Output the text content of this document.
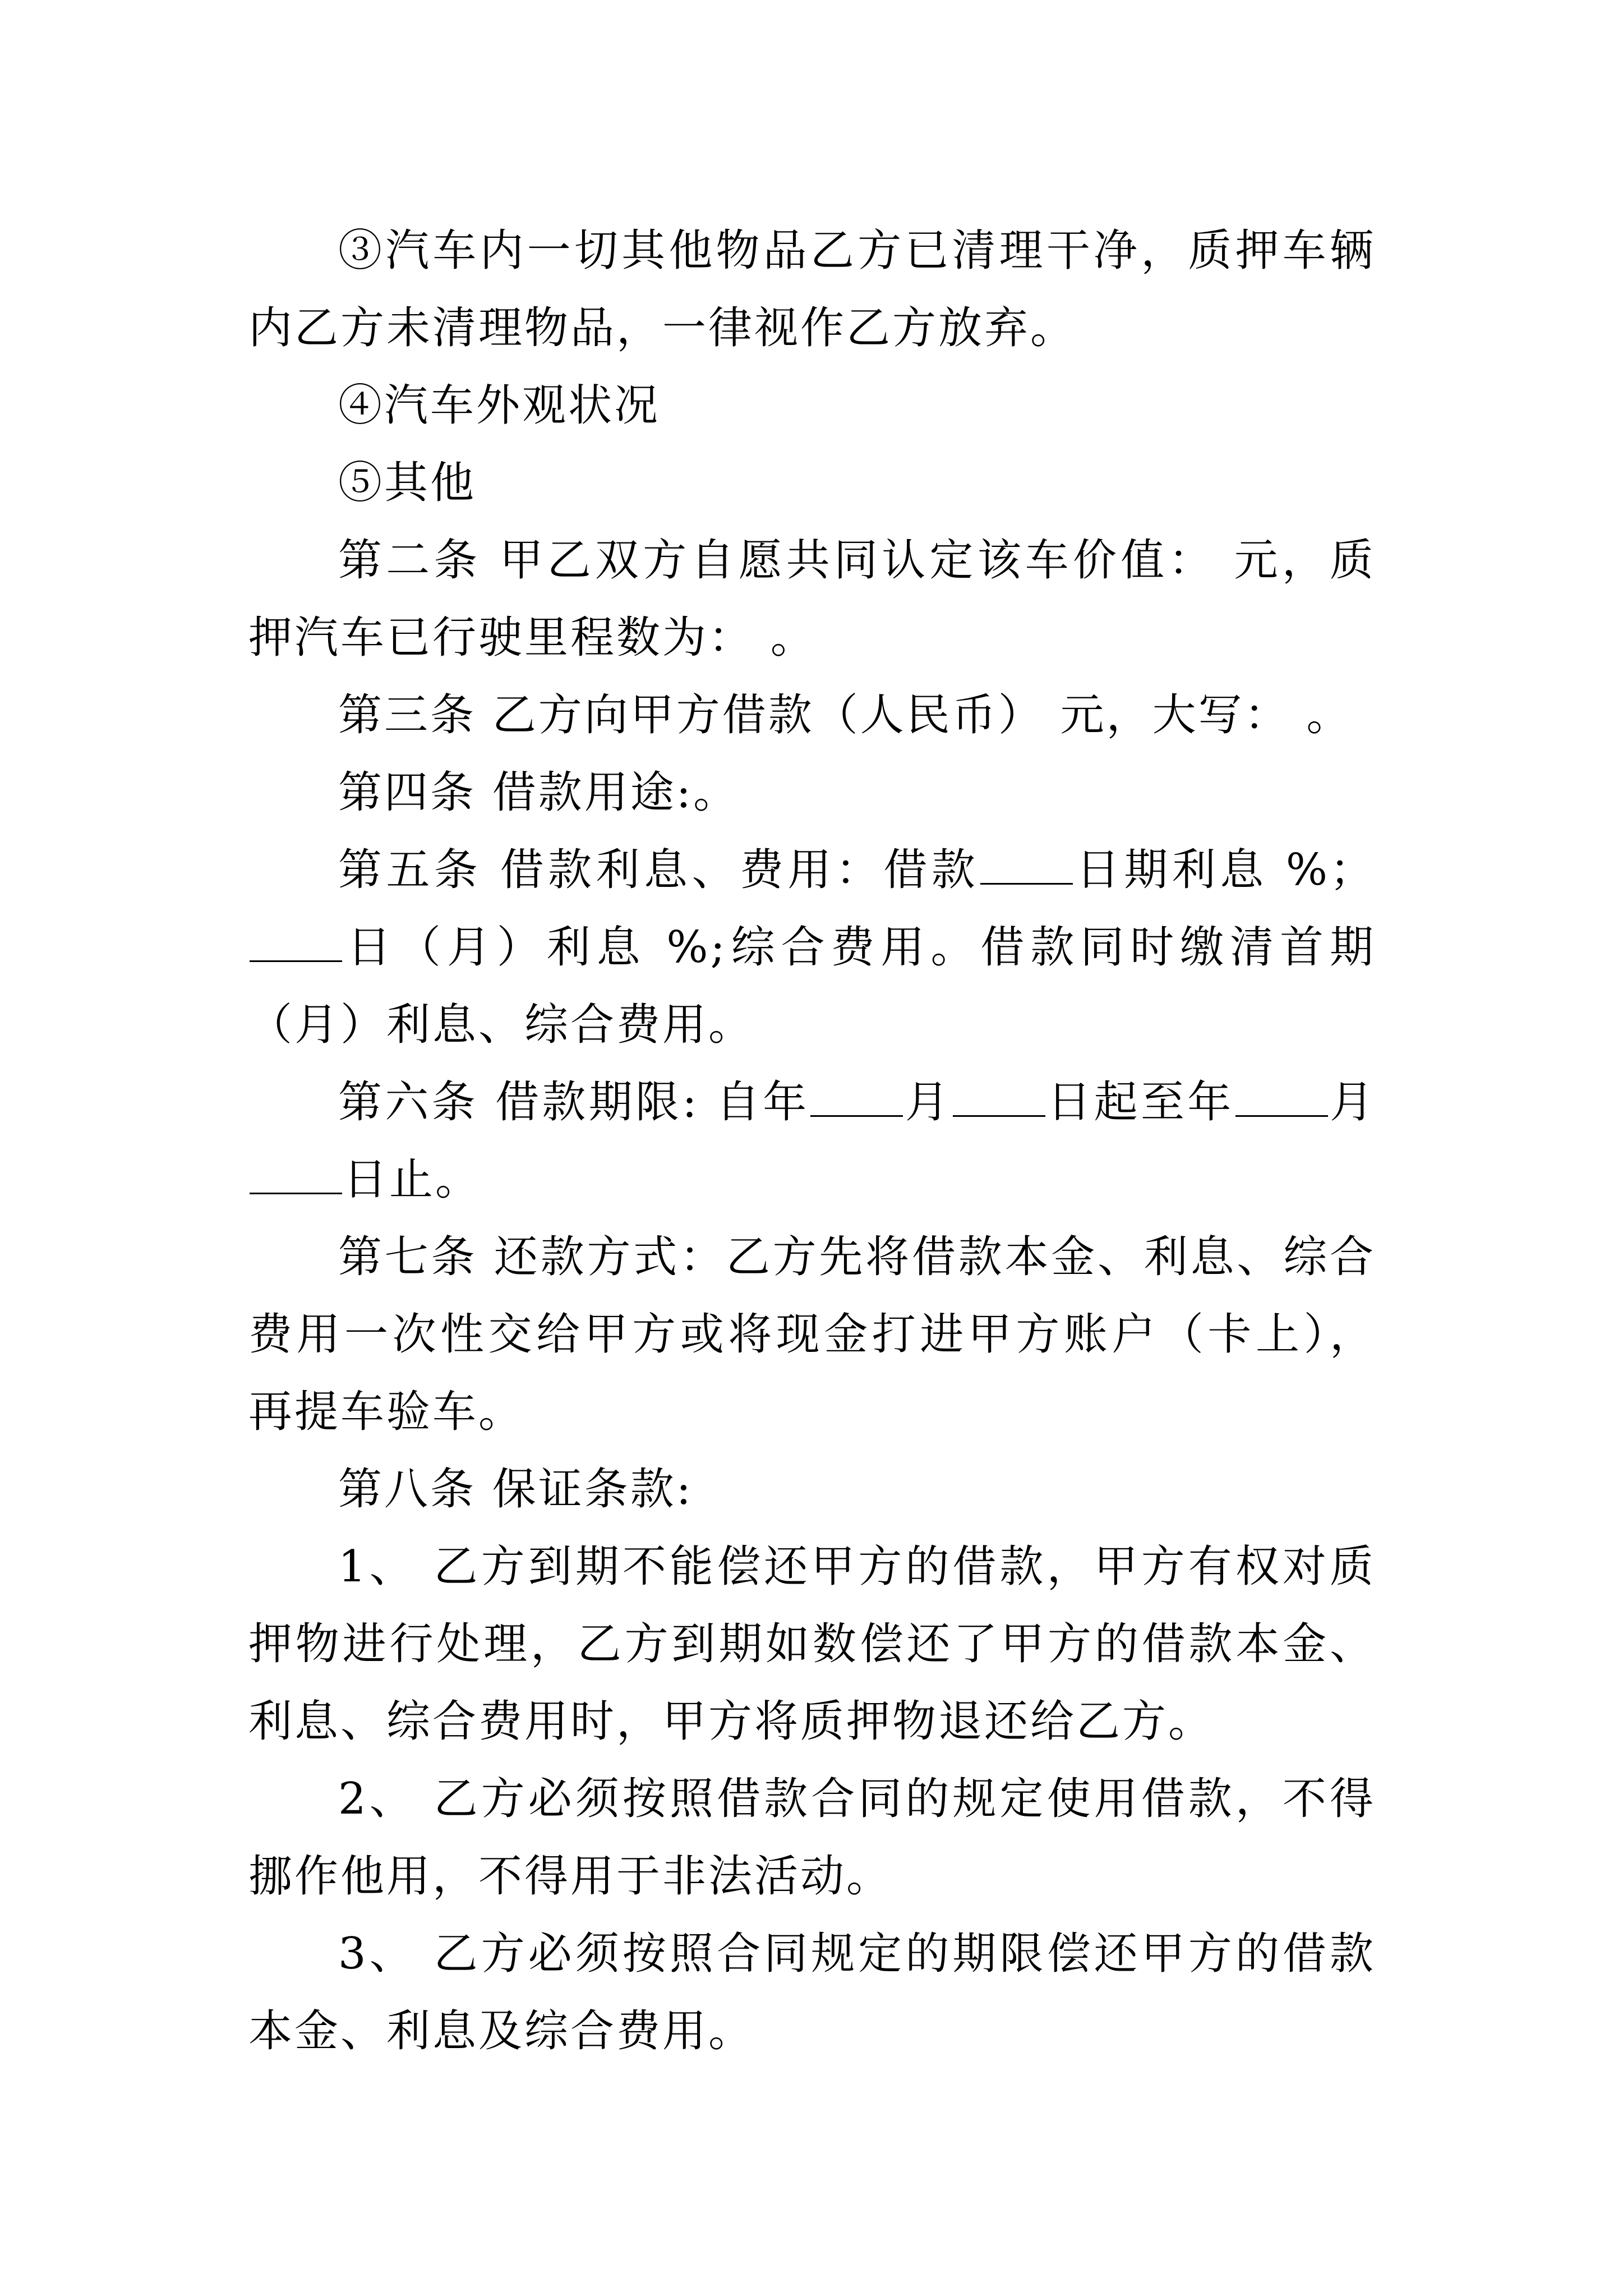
③汽车内一切其他物品乙方已清理干净，质押车辆内乙方未清理物品，一律视作乙方放弃。

④汽车外观状况

⑤其他

第二条 甲乙双方自愿共同认定该车价值： 元，质押汽车已行驶里程数为： 。

第三条 乙方向甲方借款（人民币） 元，大写： 。

第四条 借款用途:。

第五条 借款利息、费用：借款 日期利息 %；日（月）利息 %;综合费用。借款同时缴清首期（月）利息、综合费用。

第六条 借款期限: 自年 月 日起至年 月日止。

第七条 还款方式：乙方先将借款本金、利息、综合费用一次性交给甲方或将现金打进甲方账户（卡上），再提车验车。

第八条 保证条款:

1、 乙方到期不能偿还甲方的借款，甲方有权对质押物进行处理，乙方到期如数偿还了甲方的借款本金、利息、综合费用时，甲方将质押物退还给乙方。

2、 乙方必须按照借款合同的规定使用借款，不得挪作他用，不得用于非法活动。

3、 乙方必须按照合同规定的期限偿还甲方的借款本金、利息及综合费用。
